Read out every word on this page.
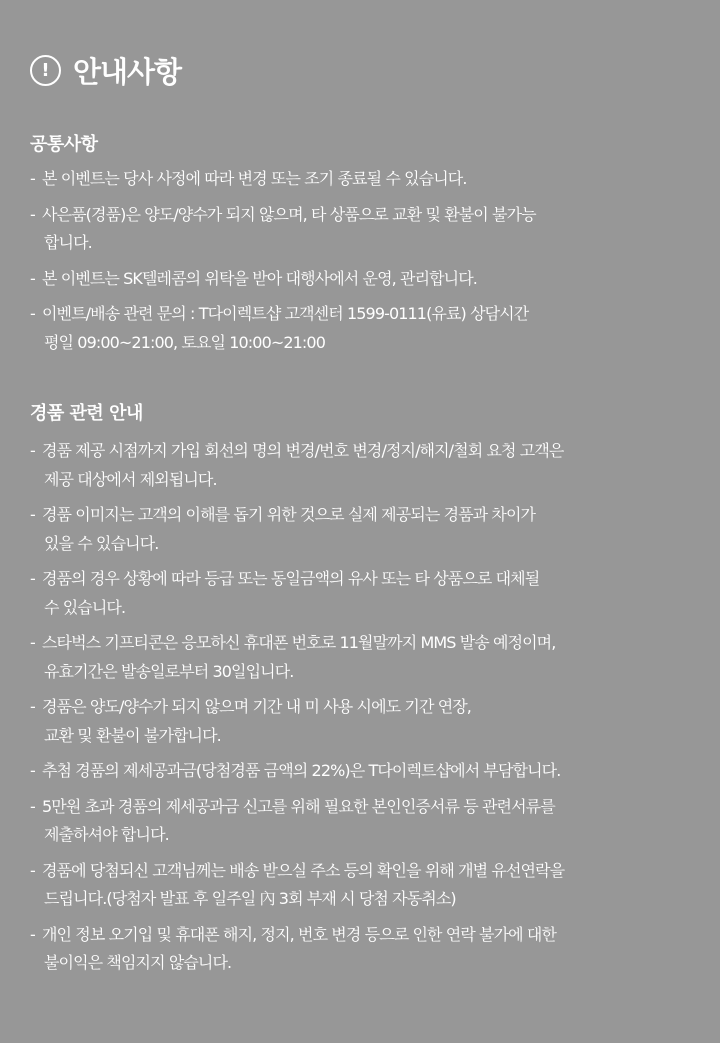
! 안내사항
공통사항
- 본 이벤트는 당사 사정에 따라 변경 또는 조기 종료될 수 있습니다.
- 사은품(경품)은 양도/양수가 되지 않으며, 타 상품으로 교환 및 환불이 불가능
합니다.
- 본 이벤트는 SK텔레콤의 위탁을 받아 대행사에서 운영, 관리합니다.
- 이벤트/배송 관련 문의 : T다이렉트샵 고객센터 1599-0111(유료) 상담시간
평일 09:00~21:00, 토요일 10:00~21:00
경품 관련 안내
- 경품 제공 시점까지 가입 회선의 명의 변경/번호 변경/정지/해지/철회 요청 고객은
제공 대상에서 제외됩니다.
- 경품 이미지는 고객의 이해를 돕기 위한 것으로 실제 제공되는 경품과 차이가
있을 수 있습니다.
- 경품의 경우 상황에 따라 등급 또는 동일금액의 유사 또는 타 상품으로 대체될
수 있습니다.
- 스타벅스 기프티콘은 응모하신 휴대폰 번호로 11월말까지 MMS 발송 예정이며,
유효기간은 발송일로부터 30일입니다.
- 경품은 양도/양수가 되지 않으며 기간 내 미 사용 시에도 기간 연장,
교환 및 환불이 불가합니다.
- 추첨 경품의 제세공과금(당첨경품 금액의 22%)은 T다이렉트샵에서 부담합니다.
- 5만원 초과 경품의 제세공과금 신고를 위해 필요한 본인인증서류 등 관련서류를
제출하셔야 합니다.
- 경품에 당첨되신 고객님께는 배송 받으실 주소 등의 확인을 위해 개별 유선연락을
드립니다.(당첨자 발표 후 일주일 內 3회 부재 시 당첨 자동취소)
- 개인 정보 오기입 및 휴대폰 해지, 정지, 번호 변경 등으로 인한 연락 불가에 대한
불이익은 책임지지 않습니다.
